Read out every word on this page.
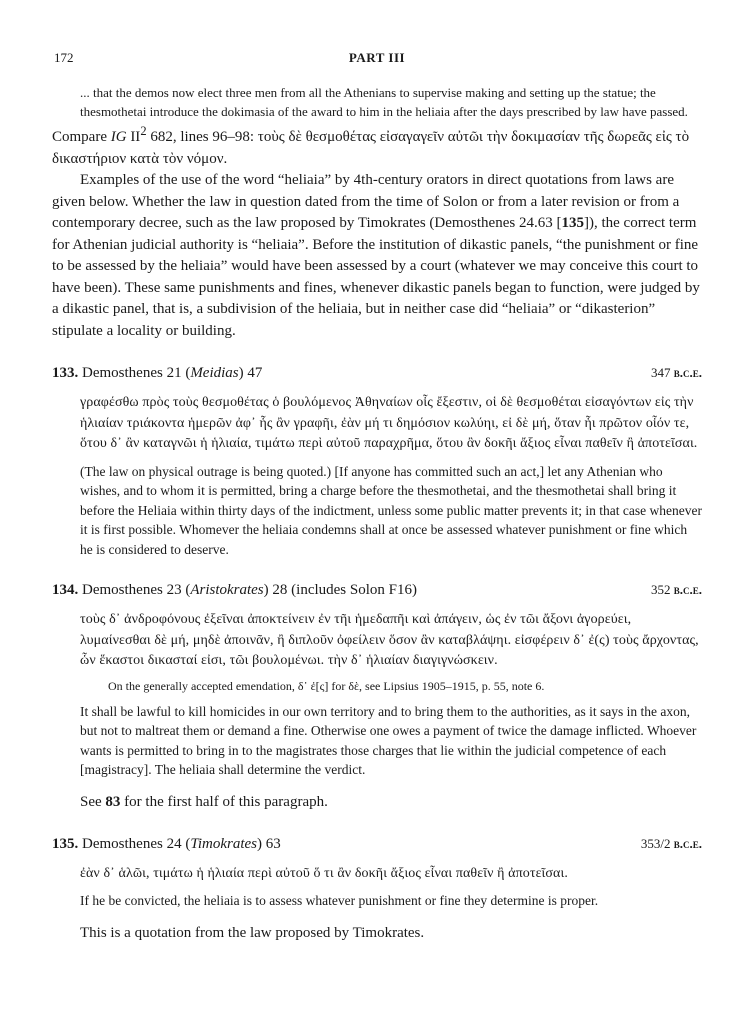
172	PART III

... that the demos now elect three men from all the Athenians to supervise making and setting up the statue; the thesmothetai introduce the dokimasia of the award to him in the heliaia after the days prescribed by law have passed.

Compare IG $II^2$ 682, lines 96–98: τοὺς δὲ θεσμοθέτας εἰσαγαγεῖν αὐτῶι τὴν δοκιμασίαν τῆς δωρεᾶς εἰς τὸ δικαστήριον κατὰ τὸν νόμον.

Examples of the use of the word “heliaia” by 4th-century orators in direct quotations from laws are given below. Whether the law in question dated from the time of Solon or from a later revision or from a contemporary decree, such as the law proposed by Timokrates (Demosthenes 24.63 [135]), the correct term for Athenian judicial authority is “heliaia”. Before the institution of dikastic panels, “the punishment or fine to be assessed by the heliaia” would have been assessed by a court (whatever we may conceive this court to have been). These same punishments and fines, whenever dikastic panels began to function, were judged by a dikastic panel, that is, a subdivision of the heliaia, but in neither case did “heliaia” or “dikasterion” stipulate a locality or building.

133. Demosthenes 21 (Meidias) 47	347 b.c.e.

γραφέσθω πρὸς τοὺς θεσμοθέτας ὁ βουλόμενος Ἀθηναίων οἷς ἔξεστιν, οἱ δὲ θεσμοθέται εἰσαγόντων εἰς τὴν ἡλιαίαν τριάκοντα ἡμερῶν ἀφ᾽ ἧς ἂν γραφῆι, ἐὰν μή τι δημόσιον κωλύηι, εἰ δὲ μή, ὅταν ἦι πρῶτον οἷόν τε, ὅτου δ᾽ ἂν καταγνῶι ἡ ἡλιαία, τιμάτω περὶ αὐτοῦ παραχρῆμα, ὅτου ἂν δοκῆι ἄξιος εἶναι παθεῖν ἢ ἀποτεῖσαι.

(The law on physical outrage is being quoted.) [If anyone has committed such an act,] let any Athenian who wishes, and to whom it is permitted, bring a charge before the thesmothetai, and the thesmothetai shall bring it before the Heliaia within thirty days of the indictment, unless some public matter prevents it; in that case whenever it is first possible. Whomever the heliaia condemns shall at once be assessed whatever punishment or fine which he is considered to deserve.

134. Demosthenes 23 (Aristokrates) 28 (includes Solon F16)	352 b.c.e.

τοὺς δ᾽ ἀνδροφόνους ἐξεῖναι ἀποκτείνειν ἐν τῆι ἡμεδαπῆι καὶ ἀπάγειν, ὡς ἐν τῶι ἄξονι ἀγορεύει, λυμαίνεσθαι δὲ μή, μηδὲ ἀποινᾶν, ἢ διπλοῦν ὀφείλειν ὅσον ἂν καταβλάψηι. εἰσφέρειν δ᾽ ἐ(ς) τοὺς ἄρχοντας, ὧν ἕκαστοι δικασταί εἰσι, τῶι βουλομένωι. τὴν δ᾽ ἡλιαίαν διαγιγνώσκειν.

On the generally accepted emendation, δ᾽ ἐ[ς] for δὲ, see Lipsius 1905–1915, p. 55, note 6.

It shall be lawful to kill homicides in our own territory and to bring them to the authorities, as it says in the axon, but not to maltreat them or demand a fine. Otherwise one owes a payment of twice the damage inflicted. Whoever wants is permitted to bring in to the magistrates those charges that lie within the judicial competence of each [magistracy]. The heliaia shall determine the verdict.

See 83 for the first half of this paragraph.

135. Demosthenes 24 (Timokrates) 63	353/2 b.c.e.

ἐὰν δ᾽ ἁλῶι, τιμάτω ἡ ἡλιαία περὶ αὐτοῦ ὅ τι ἂν δοκῆι ἄξιος εἶναι παθεῖν ἢ ἀποτεῖσαι.

If he be convicted, the heliaia is to assess whatever punishment or fine they determine is proper.

This is a quotation from the law proposed by Timokrates.
